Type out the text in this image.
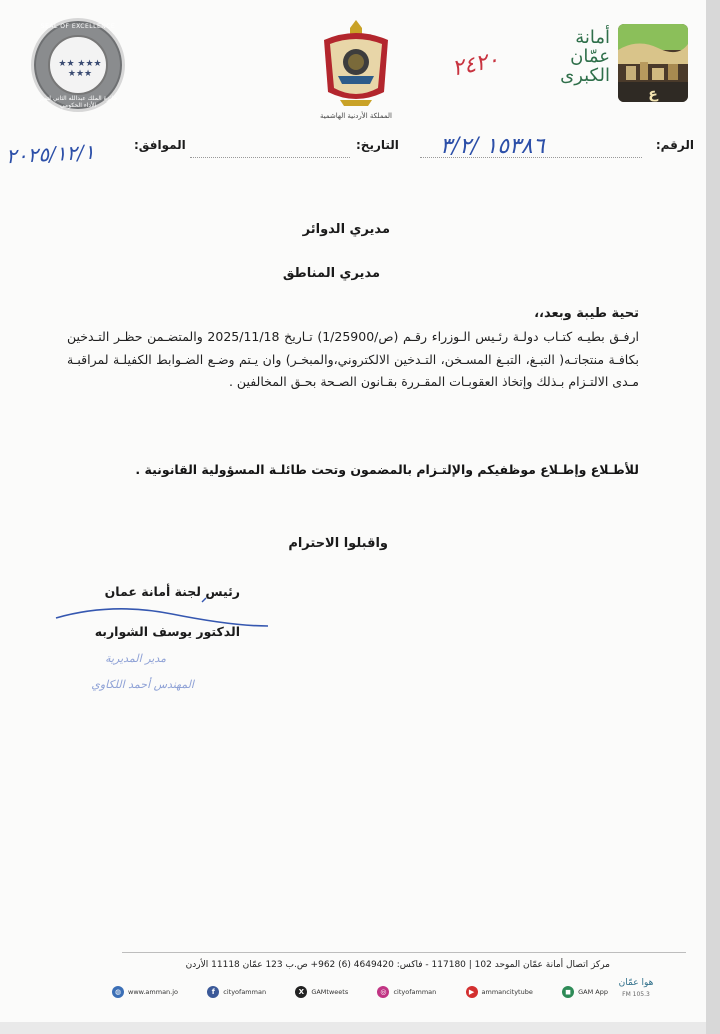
SEAL OF EXCELLENCE
★★ ★★★ ★★★
جائزة الملك عبدالله الثاني لتميز الأداء الحكومي
المملكة الأردنية الهاشمية
٢٤٢٠
أمانة
عمّان
الكبرى
ع
الرقم:
١٥٣٨٦ /٣/٢
التاريخ:
الموافق:
٢٠٢٥/١٢/١
مديري الدوائر
مديري المناطق
تحية طيبة وبعد،،
ارفـق بطيـه كتـاب دولـة رئـيس الـوزراء رقـم (ص/1/25900) تـاريخ 2025/11/18 والمتضـمن حظـر التـدخين بكافـة منتجاتـه( التبـغ، التبـغ المسـخن، التـدخين الالكتروني،والمبخـر) وان يـتم وضـع الضـوابط الكفيلـة لمراقبـة مـدى الالتـزام بـذلك وإتخاذ العقوبـات المقـررة بقـانون الصـحة بحـق المخالفين .
للأطـلاع وإطـلاع موظفيكم والإلتـزام بالمضمون وتحت طائلـة المسؤولية القانونية .
واقبلوا الاحترام
رئيس لجنة أمانة عمان
الدكتور يوسف الشواربه
مدير المديرية
المهندس أحمد اللكاوي
مركز اتصال أمانة عمّان الموحد 102 | 117180 - فاكس: 4649420 (6) 962+ ص.ب 123 عمّان 11118 الأردن
◍	www.amman.jo	f	cityofamman	X	GAMtweets	◎	cityofamman	▶	ammancitytube	◼	GAM App
هوا عمّان
FM 105.3
